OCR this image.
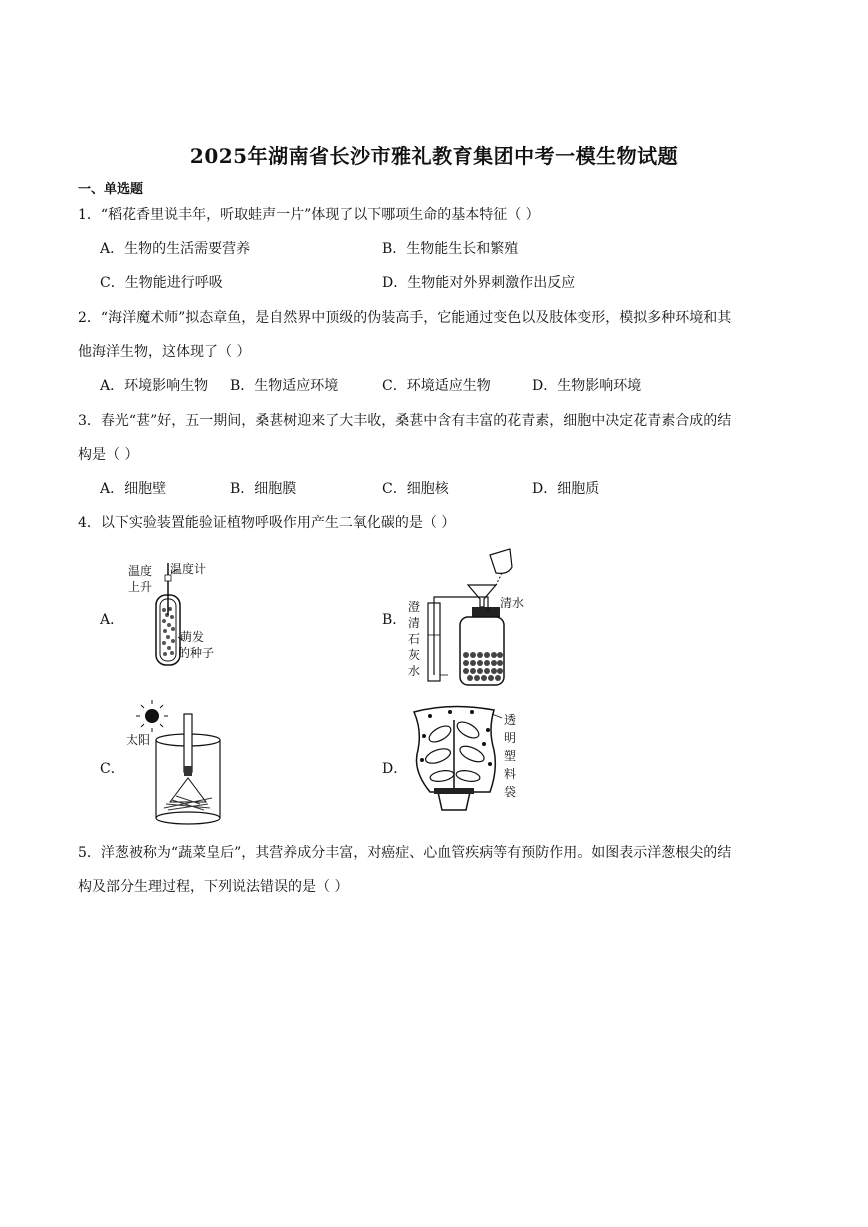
2025年湖南省长沙市雅礼教育集团中考一模生物试题
一、单选题
1．“稻花香里说丰年，听取蛙声一片”体现了以下哪项生命的基本特征（ ）
A．生物的生活需要营养	B．生物能生长和繁殖
C．生物能进行呼吸	D．生物能对外界刺激作出反应
2．“海洋魔术师”拟态章鱼，是自然界中顶级的伪装高手，它能通过变色以及肢体变形，模拟多种环境和其
他海洋生物，这体现了（ ）
A．环境影响生物 B．生物适应环境	C．环境适应生物	D．生物影响环境
3．春光“葚”好，五一期间，桑葚树迎来了大丰收，桑葚中含有丰富的花青素，细胞中决定花青素合成的结
构是（ ）
A．细胞壁	B．细胞膜	C．细胞核	D．细胞质
4．以下实验装置能验证植物呼吸作用产生二氧化碳的是（ ）
A．	B．
C．	D．
温度
上升
温度计
萌发
的种子
澄
清
石
灰
水
清水
太阳
透
明
塑
料
袋
5．洋葱被称为“蔬菜皇后”，其营养成分丰富，对癌症、心血管疾病等有预防作用。如图表示洋葱根尖的结
构及部分生理过程，下列说法错误的是（ ）
